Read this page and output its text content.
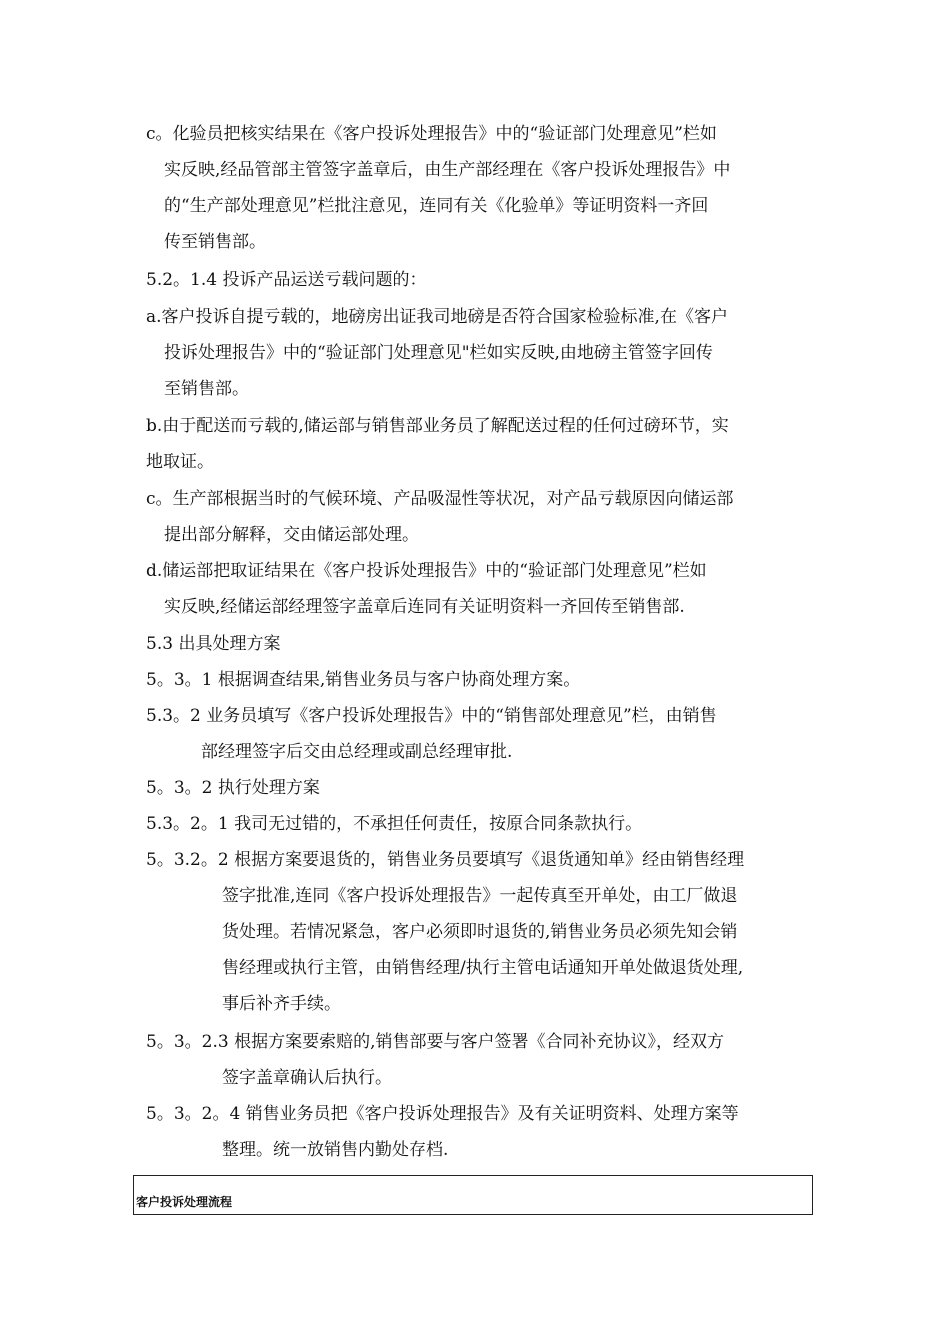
c。化验员把核实结果在《客户投诉处理报告》中的“验证部门处理意见”栏如
实反映,经品管部主管签字盖章后，由生产部经理在《客户投诉处理报告》中
的“生产部处理意见”栏批注意见，连同有关《化验单》等证明资料一齐回
传至销售部。
5.2。1.4 投诉产品运送亏载问题的：
a.客户投诉自提亏载的，地磅房出证我司地磅是否符合国家检验标准,在《客户
投诉处理报告》中的“验证部门处理意见"栏如实反映,由地磅主管签字回传
至销售部。
b.由于配送而亏载的,储运部与销售部业务员了解配送过程的任何过磅环节，实
地取证。
c。生产部根据当时的气候环境、产品吸湿性等状况，对产品亏载原因向储运部
提出部分解释，交由储运部处理。
d.储运部把取证结果在《客户投诉处理报告》中的“验证部门处理意见”栏如
实反映,经储运部经理签字盖章后连同有关证明资料一齐回传至销售部.
5.3 出具处理方案
5。3。1 根据调查结果,销售业务员与客户协商处理方案。
5.3。2 业务员填写《客户投诉处理报告》中的“销售部处理意见”栏，由销售
部经理签字后交由总经理或副总经理审批.
5。3。2 执行处理方案
5.3。2。1 我司无过错的，不承担任何责任，按原合同条款执行。
5。3.2。2 根据方案要退货的，销售业务员要填写《退货通知单》经由销售经理
签字批准,连同《客户投诉处理报告》一起传真至开单处，由工厂做退
货处理。若情况紧急，客户必须即时退货的,销售业务员必须先知会销
售经理或执行主管，由销售经理/执行主管电话通知开单处做退货处理,
事后补齐手续。
5。3。2.3 根据方案要索赔的,销售部要与客户签署《合同补充协议》，经双方
签字盖章确认后执行。
5。3。2。4 销售业务员把《客户投诉处理报告》及有关证明资料、处理方案等
整理。统一放销售内勤处存档.
客户投诉处理流程
